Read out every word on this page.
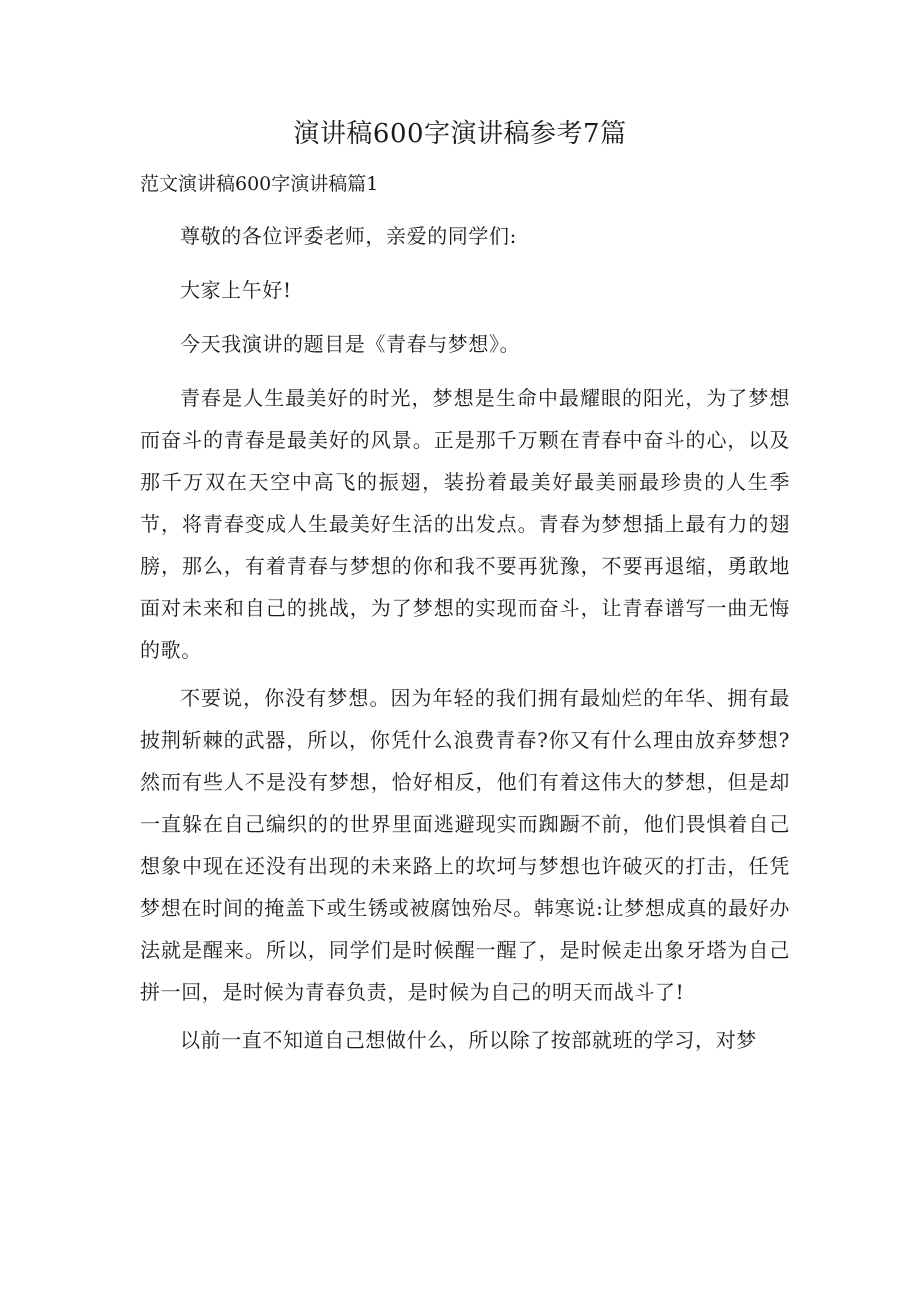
演讲稿600字演讲稿参考7篇
范文演讲稿600字演讲稿篇1

尊敬的各位评委老师，亲爱的同学们:

大家上午好!

今天我演讲的题目是《青春与梦想》。

青春是人生最美好的时光，梦想是生命中最耀眼的阳光，为了梦想而奋斗的青春是最美好的风景。正是那千万颗在青春中奋斗的心，以及那千万双在天空中高飞的振翅，装扮着最美好最美丽最珍贵的人生季节，将青春变成人生最美好生活的出发点。青春为梦想插上最有力的翅膀，那么，有着青春与梦想的你和我不要再犹豫，不要再退缩，勇敢地面对未来和自己的挑战，为了梦想的实现而奋斗，让青春谱写一曲无悔的歌。

不要说，你没有梦想。因为年轻的我们拥有最灿烂的年华、拥有最披荆斩棘的武器，所以，你凭什么浪费青春?你又有什么理由放弃梦想?然而有些人不是没有梦想，恰好相反，他们有着这伟大的梦想，但是却一直躲在自己编织的的世界里面逃避现实而踟蹰不前，他们畏惧着自己想象中现在还没有出现的未来路上的坎坷与梦想也许破灭的打击，任凭梦想在时间的掩盖下或生锈或被腐蚀殆尽。韩寒说:让梦想成真的最好办法就是醒来。所以，同学们是时候醒一醒了，是时候走出象牙塔为自己拼一回，是时候为青春负责，是时候为自己的明天而战斗了!

以前一直不知道自己想做什么，所以除了按部就班的学习，对梦
